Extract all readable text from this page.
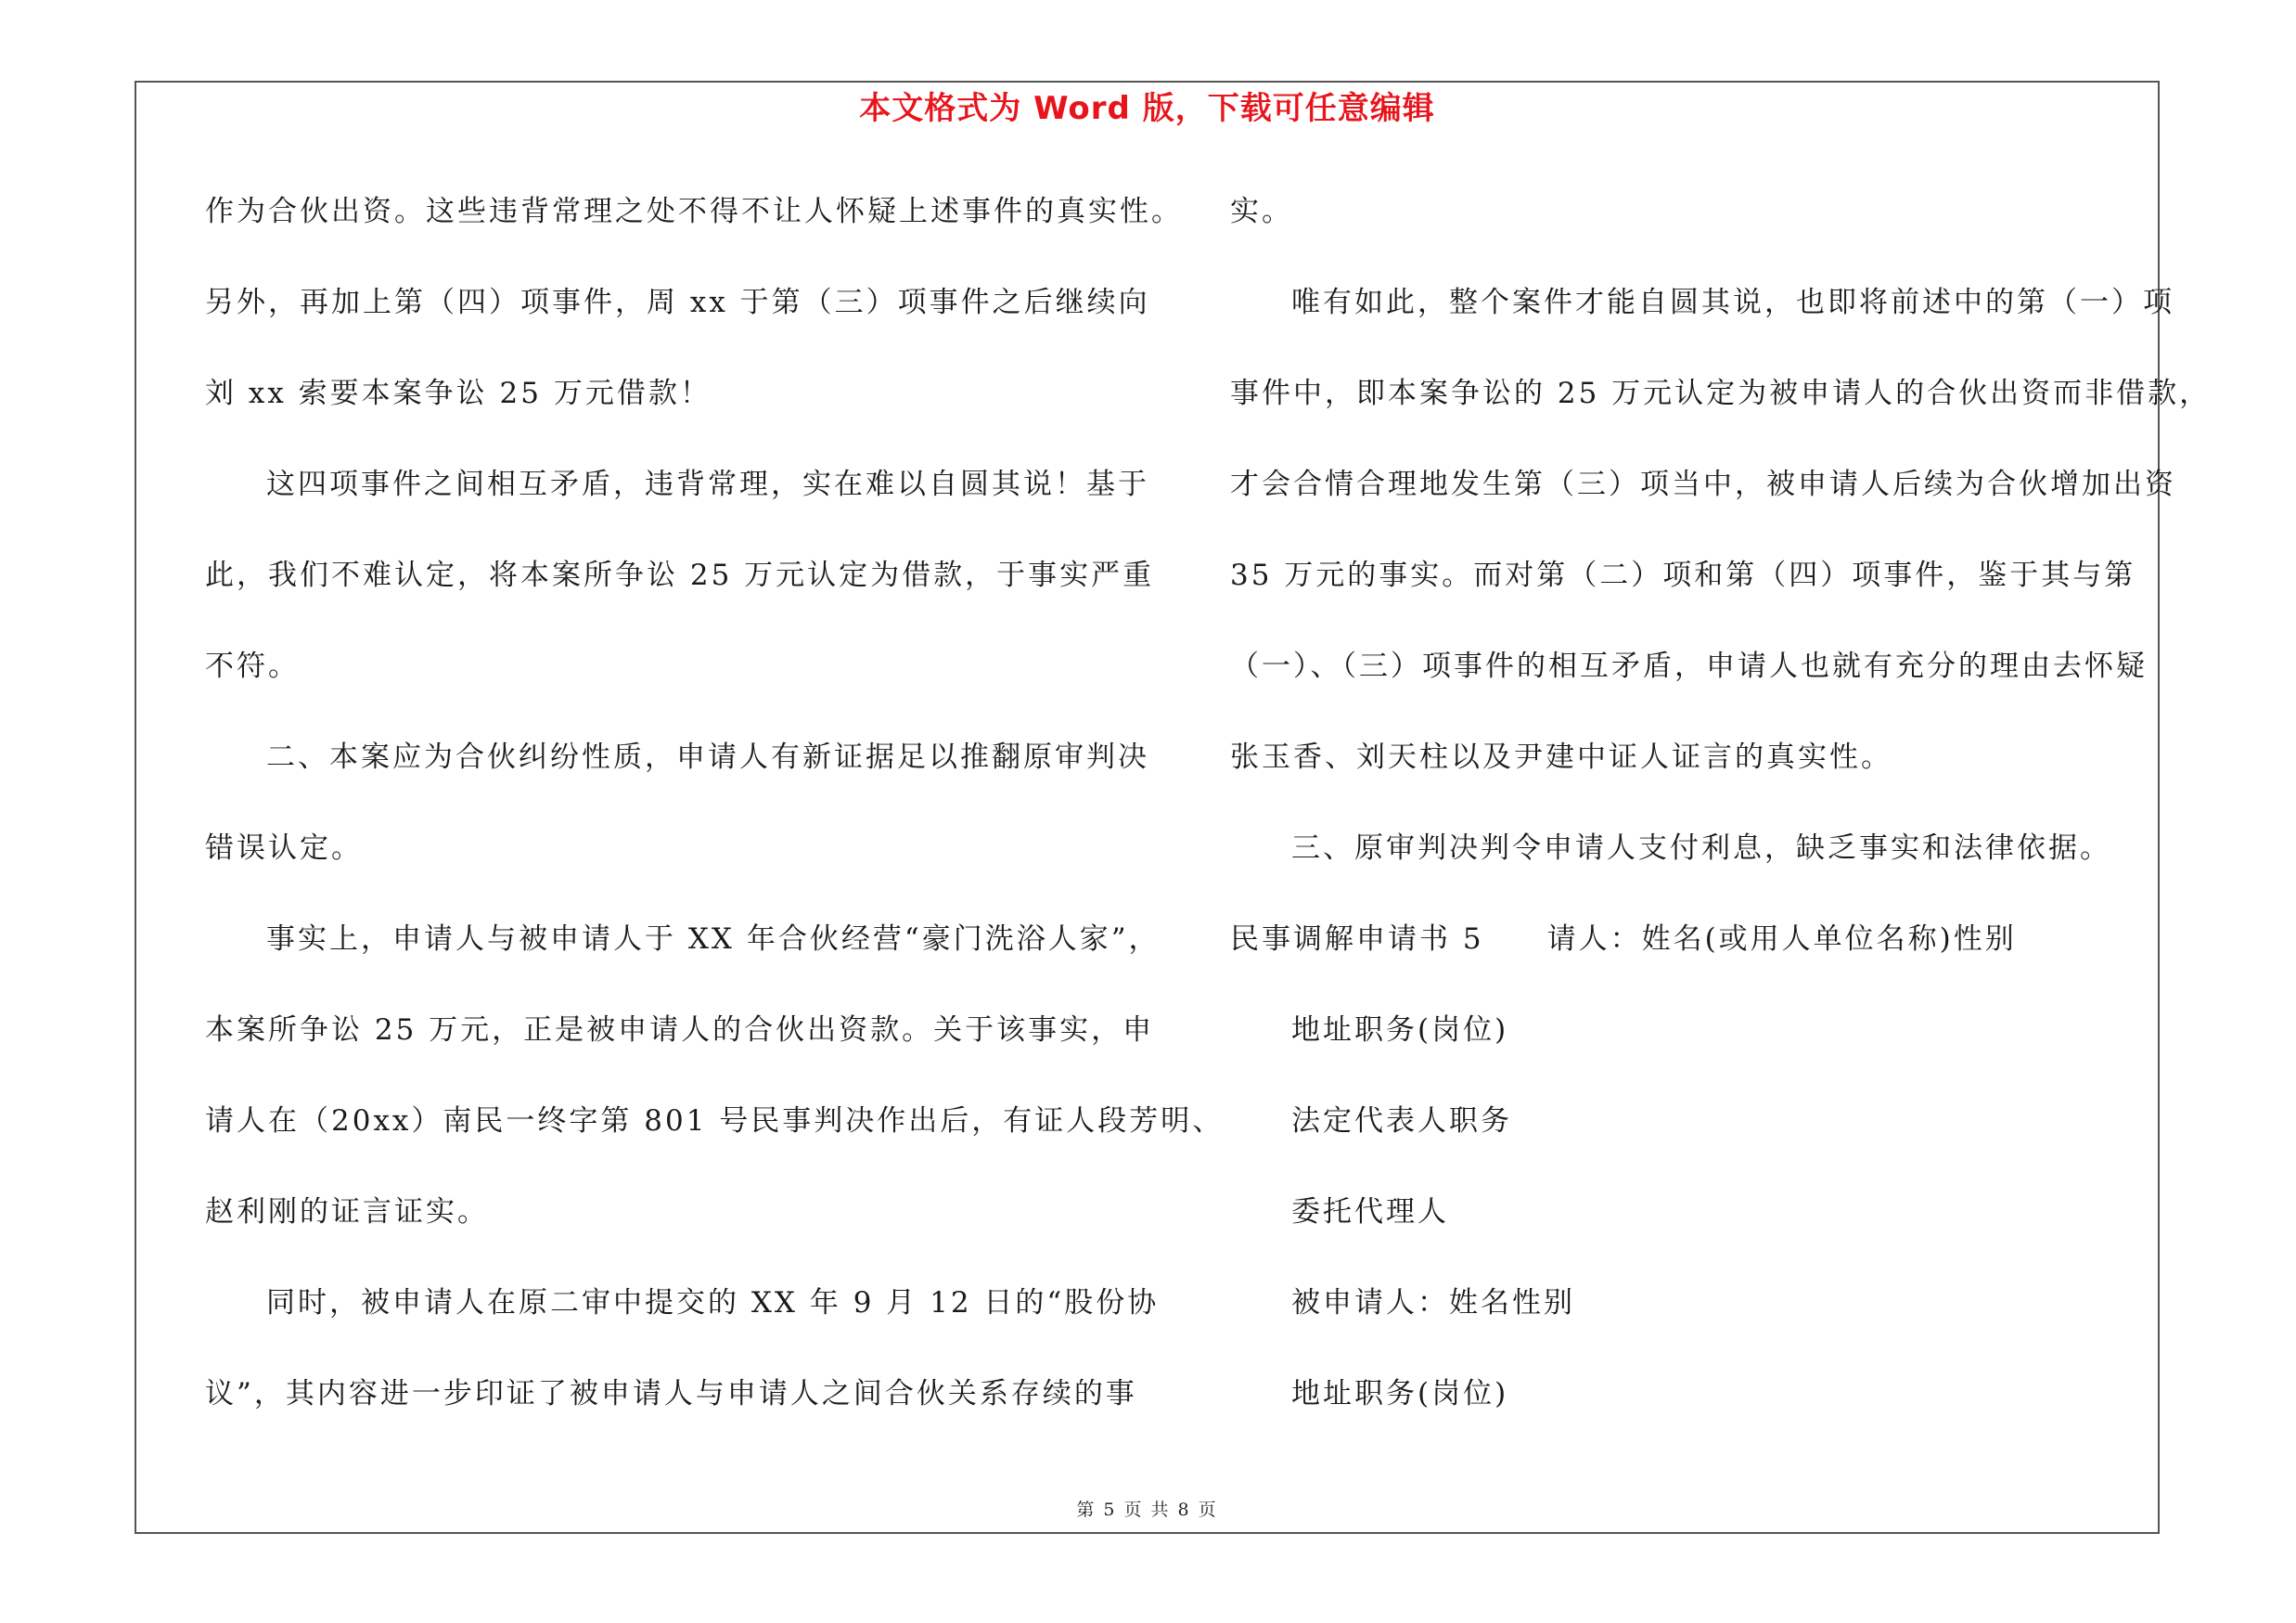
本文格式为 Word 版，下载可任意编辑
作为合伙出资。这些违背常理之处不得不让人怀疑上述事件的真实性。
另外，再加上第（四）项事件，周 xx 于第（三）项事件之后继续向
刘 xx 索要本案争讼 25 万元借款！
这四项事件之间相互矛盾，违背常理，实在难以自圆其说！基于
此，我们不难认定，将本案所争讼 25 万元认定为借款，于事实严重
不符。
二、本案应为合伙纠纷性质，申请人有新证据足以推翻原审判决
错误认定。
事实上，申请人与被申请人于 XX 年合伙经营“豪门洗浴人家”，
本案所争讼 25 万元，正是被申请人的合伙出资款。关于该事实，申
请人在（20xx）南民一终字第 801 号民事判决作出后，有证人段芳明、
赵利刚的证言证实。
同时，被申请人在原二审中提交的 XX 年 9 月 12 日的“股份协
议”，其内容进一步印证了被申请人与申请人之间合伙关系存续的事
实。
唯有如此，整个案件才能自圆其说，也即将前述中的第（一）项
事件中，即本案争讼的 25 万元认定为被申请人的合伙出资而非借款，
才会合情合理地发生第（三）项当中，被申请人后续为合伙增加出资
35 万元的事实。而对第（二）项和第（四）项事件，鉴于其与第
（一）、（三）项事件的相互矛盾，申请人也就有充分的理由去怀疑
张玉香、刘天柱以及尹建中证人证言的真实性。
三、原审判决判令申请人支付利息，缺乏事实和法律依据。
民事调解申请书 5　　请人：姓名(或用人单位名称)性别
地址职务(岗位)
法定代表人职务
委托代理人
被申请人：姓名性别
地址职务(岗位)
第 5 页 共 8 页
